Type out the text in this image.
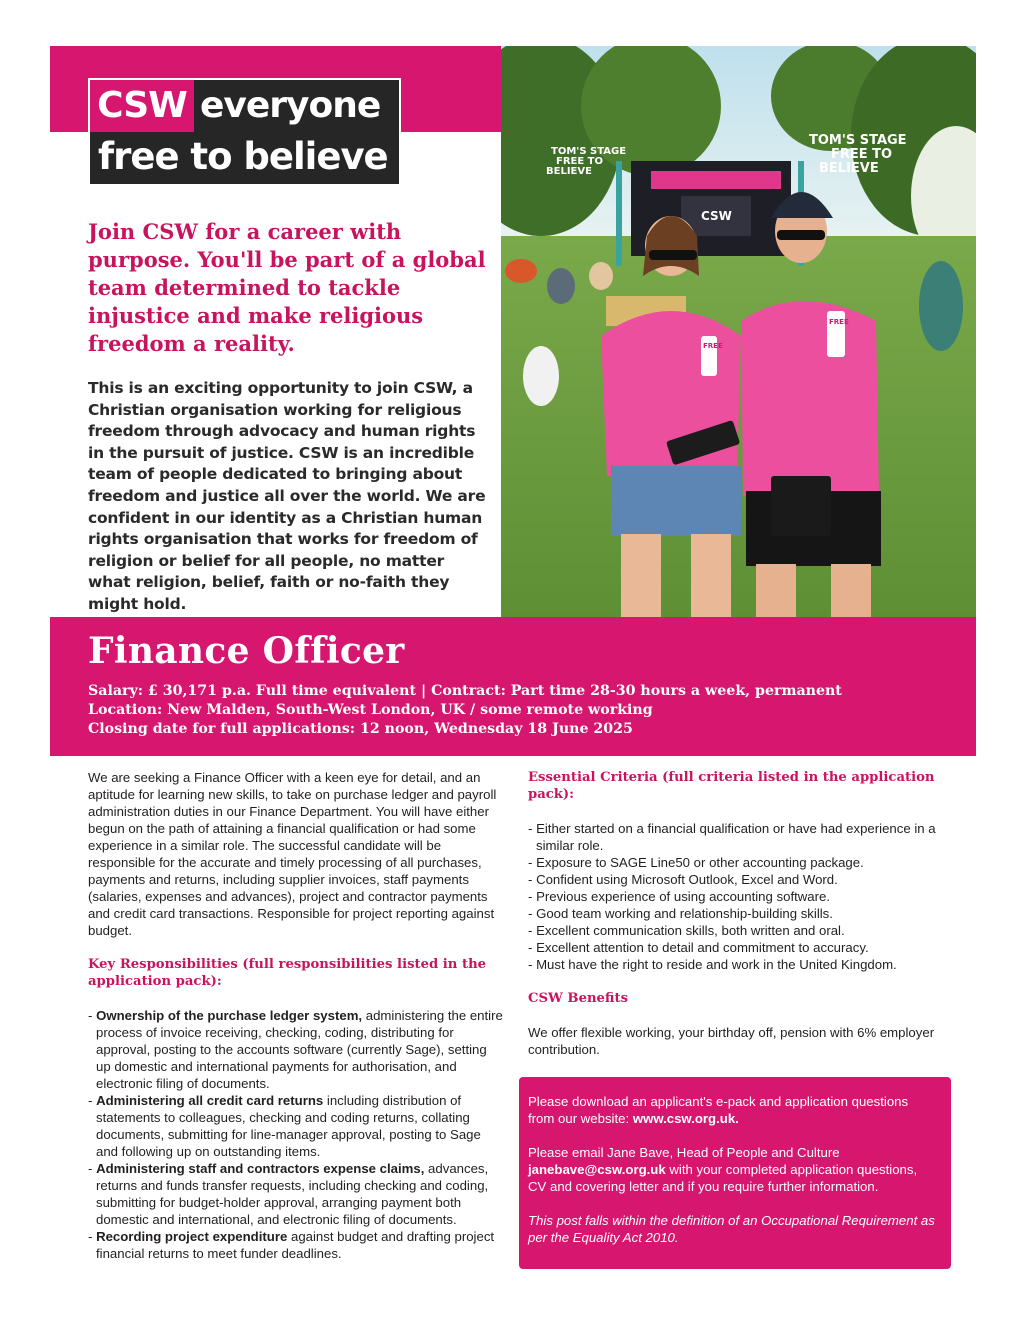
CSW everyone
free to believe
CSW
TOM'S STAGE
FREE TO
BELIEVE
TOM'S STAGE
FREE TO
BELIEVE
FREE
FREE

Join CSW for a career with purpose. You'll be part of a global team determined to tackle injustice and make religious freedom a reality.

This is an exciting opportunity to join CSW, a Christian organisation working for religious freedom through advocacy and human rights in the pursuit of justice. CSW is an incredible team of people dedicated to bringing about freedom and justice all over the world. We are confident in our identity as a Christian human rights organisation that works for freedom of religion or belief for all people, no matter what religion, belief, faith or no-faith they might hold.

Finance Officer
Salary: £ 30,171 p.a. Full time equivalent | Contract: Part time 28-30 hours a week, permanent
Location: New Malden, South-West London, UK / some remote working
Closing date for full applications: 12 noon, Wednesday 18 June 2025

We are seeking a Finance Officer with a keen eye for detail, and an aptitude for learning new skills, to take on purchase ledger and payroll administration duties in our Finance Department. You will have either begun on the path of attaining a financial qualification or had some experience in a similar role. The successful candidate will be responsible for the accurate and timely processing of all purchases, payments and returns, including supplier invoices, staff payments (salaries, expenses and advances), project and contractor payments and credit card transactions. Responsible for project reporting against budget.

Key Responsibilities (full responsibilities listed in the application pack):

- Ownership of the purchase ledger system, administering the entire process of invoice receiving, checking, coding, distributing for approval, posting to the accounts software (currently Sage), setting up domestic and international payments for authorisation, and electronic filing of documents.
- Administering all credit card returns including distribution of statements to colleagues, checking and coding returns, collating documents, submitting for line-manager approval, posting to Sage and following up on outstanding items.
- Administering staff and contractors expense claims, advances, returns and funds transfer requests, including checking and coding, submitting for budget-holder approval, arranging payment both domestic and international, and electronic filing of documents.
- Recording project expenditure against budget and drafting project financial returns to meet funder deadlines.

Essential Criteria (full criteria listed in the application pack):

- Either started on a financial qualification or have had experience in a similar role.
- Exposure to SAGE Line50 or other accounting package.
- Confident using Microsoft Outlook, Excel and Word.
- Previous experience of using accounting software.
- Good team working and relationship-building skills.
- Excellent communication skills, both written and oral.
- Excellent attention to detail and commitment to accuracy.
- Must have the right to reside and work in the United Kingdom.

CSW Benefits

We offer flexible working, your birthday off, pension with 6% employer contribution.

Please download an applicant's e-pack and application questions from our website: www.csw.org.uk.

Please email Jane Bave, Head of People and Culture janebave@csw.org.uk with your completed application questions, CV and covering letter and if you require further information.

This post falls within the definition of an Occupational Requirement as per the Equality Act 2010.
